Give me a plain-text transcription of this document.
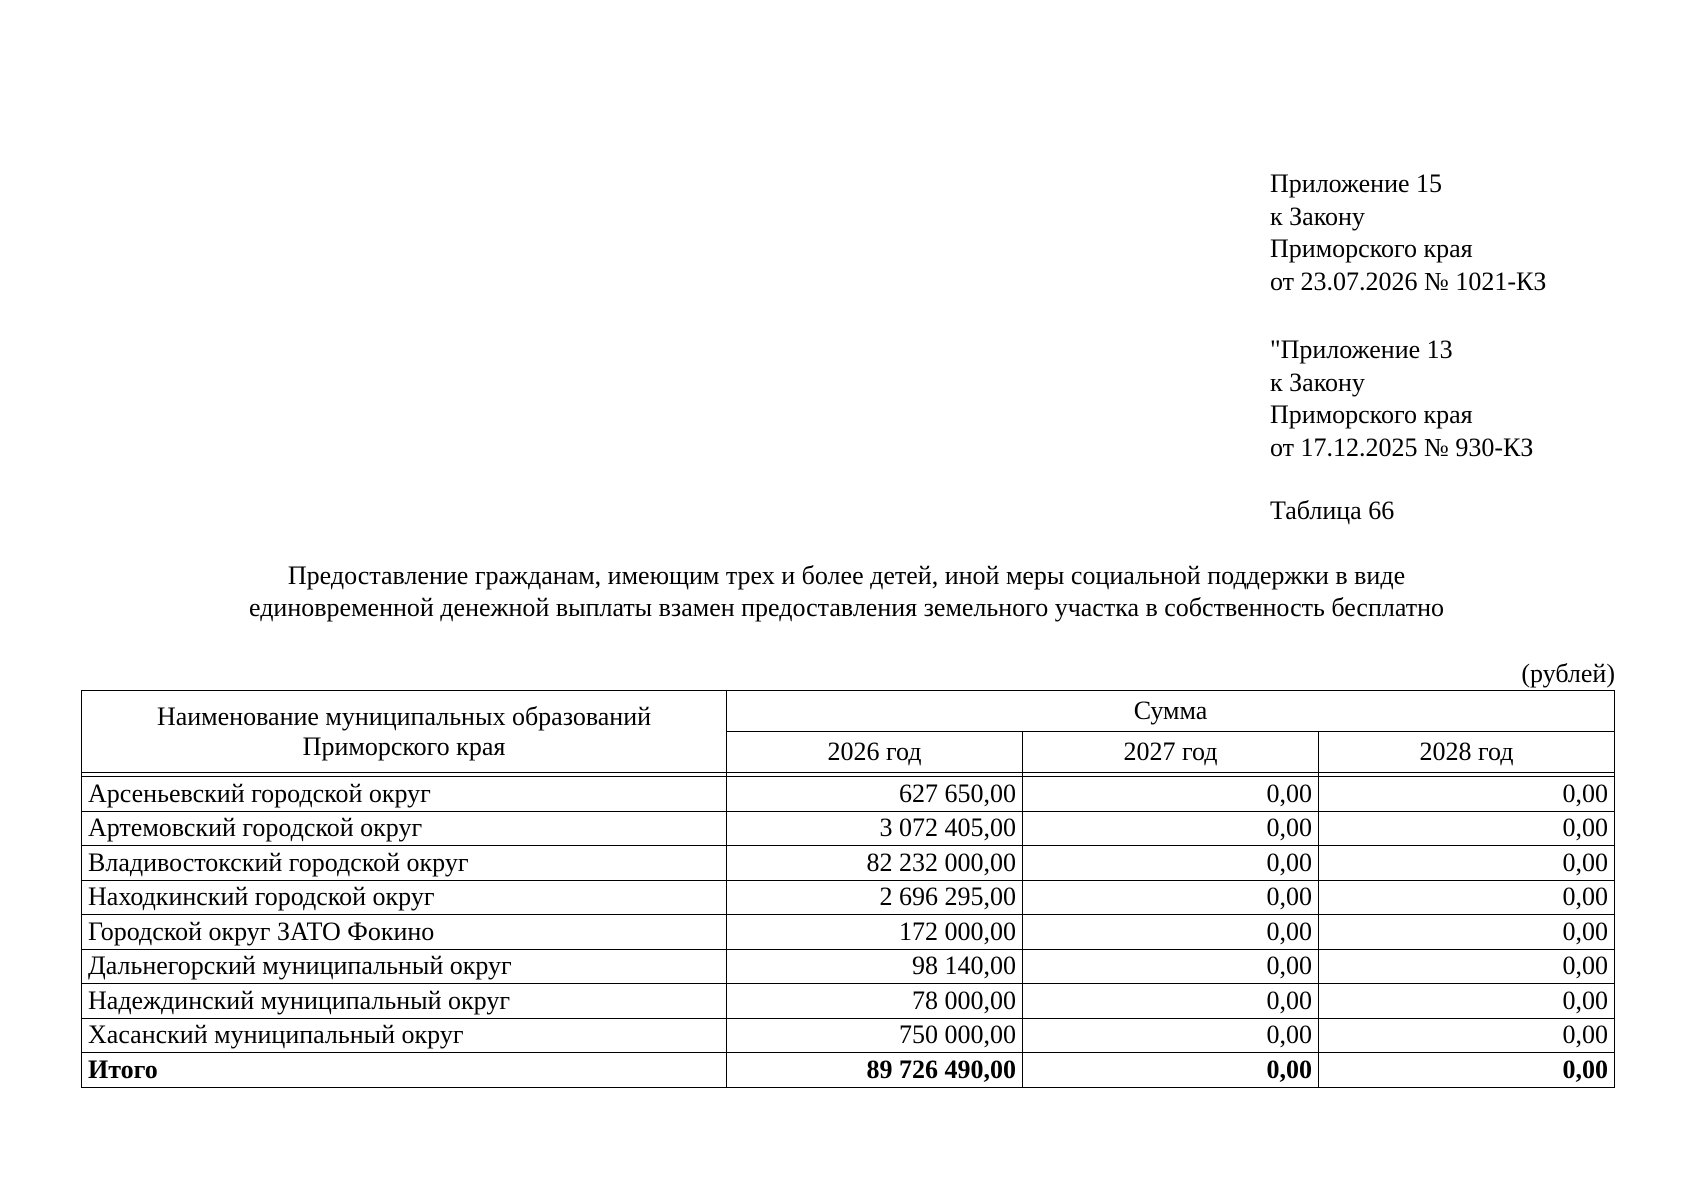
Приложение 15
к Закону
Приморского края
от 23.07.2026 № 1021-КЗ
"Приложение 13
к Закону
Приморского края
от 17.12.2025 № 930-КЗ
Таблица 66
Предоставление гражданам, имеющим трех и более детей, иной меры социальной поддержки в виде
единовременной денежной выплаты взамен предоставления земельного участка в собственность бесплатно
(рублей)
Наименование муниципальных образований
Приморского края	Сумма		
	2026 год	2027 год	2028 год

Арсеньевский городской округ	627 650,00	0,00	0,00
Артемовский городской округ	3 072 405,00	0,00	0,00
Владивостокский городской округ	82 232 000,00	0,00	0,00
Находкинский городской округ	2 696 295,00	0,00	0,00
Городской округ ЗАТО Фокино	172 000,00	0,00	0,00
Дальнегорский муниципальный округ	98 140,00	0,00	0,00
Надеждинский муниципальный округ	78 000,00	0,00	0,00
Хасанский муниципальный округ	750 000,00	0,00	0,00
Итого	89 726 490,00	0,00	0,00
